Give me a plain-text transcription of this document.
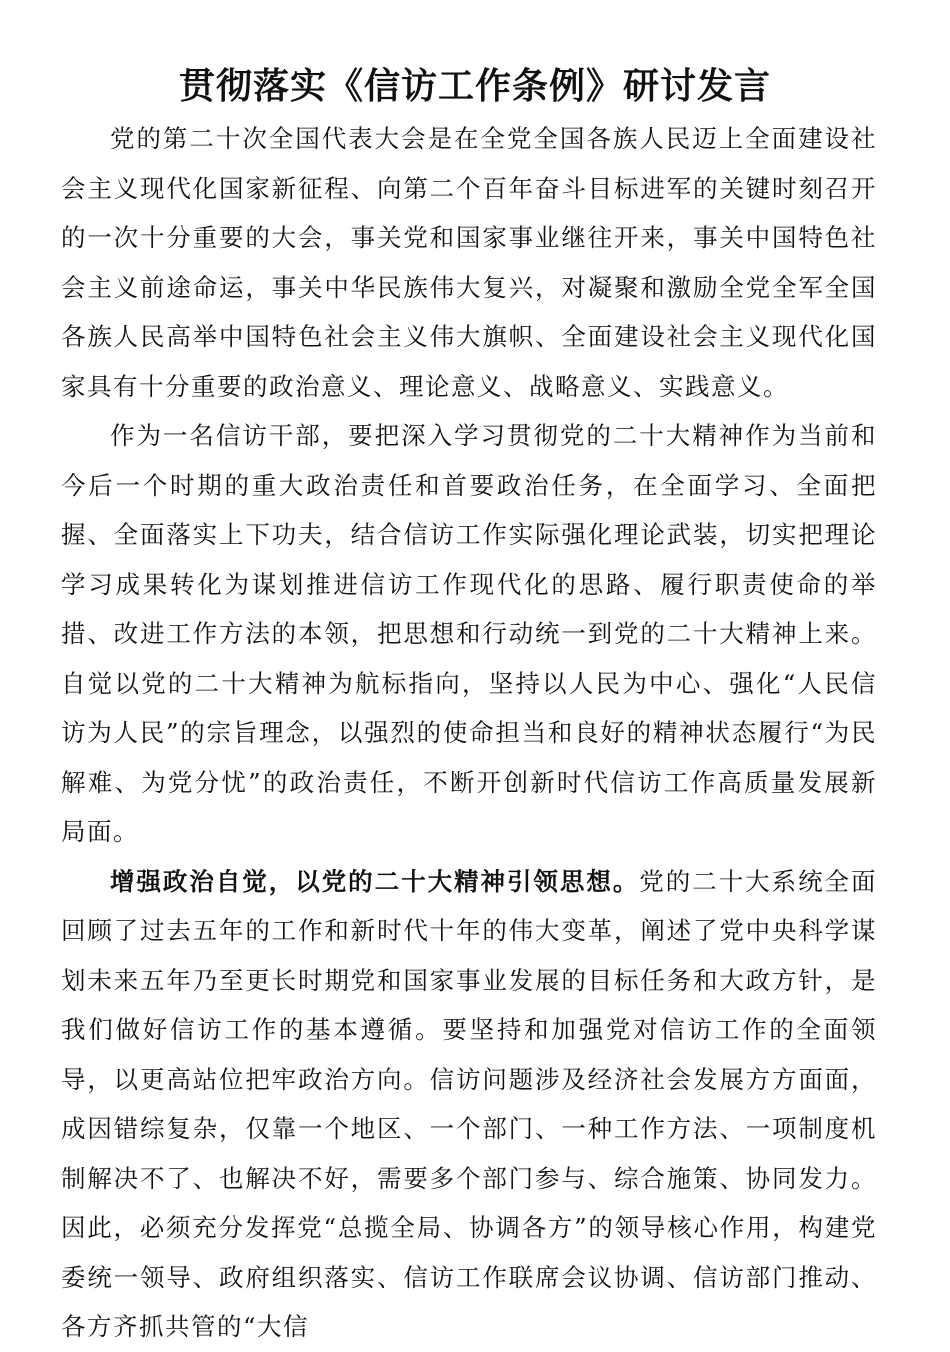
贯彻落实《信访工作条例》研讨发言

党的第二十次全国代表大会是在全党全国各族人民迈上全面建设社会主义现代化国家新征程、向第二个百年奋斗目标进军的关键时刻召开的一次十分重要的大会，事关党和国家事业继往开来，事关中国特色社会主义前途命运，事关中华民族伟大复兴，对凝聚和激励全党全军全国各族人民高举中国特色社会主义伟大旗帜、全面建设社会主义现代化国家具有十分重要的政治意义、理论意义、战略意义、实践意义。

作为一名信访干部，要把深入学习贯彻党的二十大精神作为当前和今后一个时期的重大政治责任和首要政治任务，在全面学习、全面把握、全面落实上下功夫，结合信访工作实际强化理论武装，切实把理论学习成果转化为谋划推进信访工作现代化的思路、履行职责使命的举措、改进工作方法的本领，把思想和行动统一到党的二十大精神上来。自觉以党的二十大精神为航标指向，坚持以人民为中心、强化“人民信访为人民”的宗旨理念，以强烈的使命担当和良好的精神状态履行“为民解难、为党分忧”的政治责任，不断开创新时代信访工作高质量发展新局面。

增强政治自觉，以党的二十大精神引领思想。党的二十大系统全面回顾了过去五年的工作和新时代十年的伟大变革，阐述了党中央科学谋划未来五年乃至更长时期党和国家事业发展的目标任务和大政方针，是我们做好信访工作的基本遵循。要坚持和加强党对信访工作的全面领导，以更高站位把牢政治方向。信访问题涉及经济社会发展方方面面，成因错综复杂，仅靠一个地区、一个部门、一种工作方法、一项制度机制解决不了、也解决不好，需要多个部门参与、综合施策、协同发力。因此，必须充分发挥党“总揽全局、协调各方”的领导核心作用，构建党委统一领导、政府组织落实、信访工作联席会议协调、信访部门推动、各方齐抓共管的“大信
